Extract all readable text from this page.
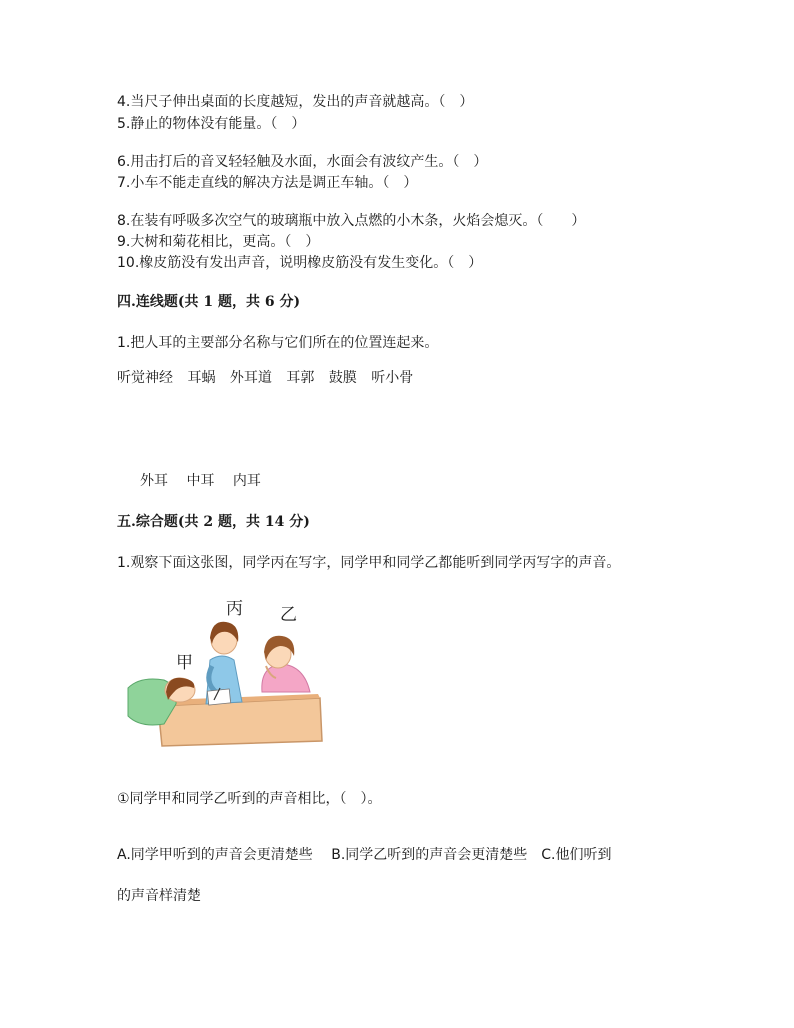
4.当尺子伸出桌面的长度越短，发出的声音就越高。（　）

5.静止的物体没有能量。（　）

6.用击打后的音叉轻轻触及水面，水面会有波纹产生。（　）

7.小车不能走直线的解决方法是调正车轴。（　）

8.在装有呼吸多次空气的玻璃瓶中放入点燃的小木条，火焰会熄灭。（　　）

9.大树和菊花相比，更高。（　）

10.橡皮筋没有发出声音，说明橡皮筋没有发生变化。（　）

四.连线题(共 1 题，共 6 分)

1.把人耳的主要部分名称与它们所在的位置连起来。

听觉神经 耳蜗 外耳道 耳郭 鼓膜 听小骨

外耳 中耳 内耳

五.综合题(共 2 题，共 14 分)

1.观察下面这张图，同学丙在写字，同学甲和同学乙都能听到同学丙写字的声音。

丙 乙
甲

①同学甲和同学乙听到的声音相比，（　）。

A.同学甲听到的声音会更清楚些　 B.同学乙听到的声音会更清楚些　C.他们听到

的声音样清楚
